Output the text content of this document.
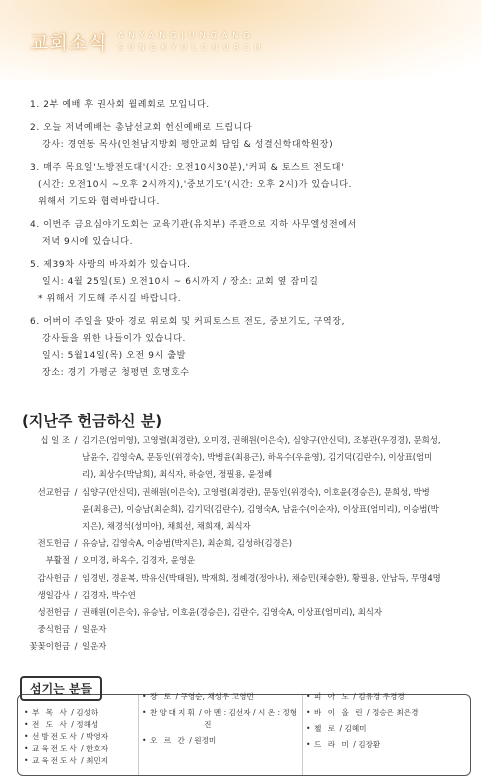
교회소식 ANYANGJUNGANG
SUNGKYULCHURCH
1. 2부 예배 후 권사회 월례회로 모입니다.
2. 오늘 저녁예배는 총남선교회 헌신예배로 드립니다
강사: 경연동 목사(인천남지방회 평안교회 담임 & 성결신학대학원장)
3. 매주 목요일'노방전도대'(시간: 오전10시30분),'커피 & 토스트 전도대'
(시간: 오전10시 ~오후 2시까지),'중보기도'(시간: 오후 2시)가 있습니다.
위해서 기도와 협력바랍니다.
4. 이번주 금요심야기도회는 교육기관(유치부) 주관으로 지하 사무엘성전에서
저녁 9시에 있습니다.
5. 제39차 사랑의 바자회가 있습니다.
일시: 4월 25일(토) 오전10시 ~ 6시까지 / 장소: 교회 옆 잠미길
* 위해서 기도해 주시길 바랍니다.
6. 어버이 주일을 맞아 경로 위로회 및 커피토스트 전도, 중보기도, 구역장,
강사들을 위한 나들이가 있습니다.
일시: 5월14일(목) 오전 9시 출발
장소: 경기 가평군 청평면 호명호수
(지난주 헌금하신 분)
십 일 조 / 김기은(엄미영), 고영렬(최경란), 오미경, 권해원(이은숙), 심양구(안신덕), 조봉관(우경경), 문희성,
남윤수, 김영숙A, 문동인(위경숙), 박병윤(최용근), 하옥수(우윤영), 김기덕(김란수), 이상표(엄미
리), 최상수(박남희), 최식자, 하승연, 정필용, 윤정혜
선교헌금 / 심양구(안신덕), 권해원(이은숙), 고영렬(최경란), 문동인(위경숙), 이호윤(경승은), 문희성, 박병
윤(최용근), 이승남(최순희), 김기덕(김란수), 김영숙A, 남윤수(이순자), 이상표(엄미리), 이승범(박
지은), 채경석(성미아), 채희선, 채희재, 최식자
전도헌금 / 유승남, 김영숙A, 이승범(박지은), 최순희, 김성하(김경은)
부활절 / 오미경, 하옥수, 김경자, 윤영운
감사헌금 / 임경빈, 경윤복, 박유신(박태원), 박재희, 정혜경(정아나), 채승민(채승환), 황필용, 안남득, 무명4명
생일감사 / 김경자, 박수연
성전헌금 / 권해원(이은숙), 유승남, 이호윤(경승은), 김란수, 김영숙A, 이상표(엄미리), 최식자
중식헌금 / 일운자
꽃꽂이헌금 / 일운자
• 부 목 사 / 김성하
• 전 도 사 / 정해성
• 선방전도사 / 박영자
• 교육전도사 / 한호자
• 교육전도사 / 최민지
• 장 로 / 구영순, 채성우 고영민
• 찬양대지휘 / 아 멘 : 김선자 / 시 온 : 정형진
• 오 르 간 / 원정미
• 피 아 노 / 김유경 우경경
• 바 이 올 린 / 정승은 최은경
• 첼 로 / 김혜미
• 드 라 미 / 김장환
섬기는 분들
